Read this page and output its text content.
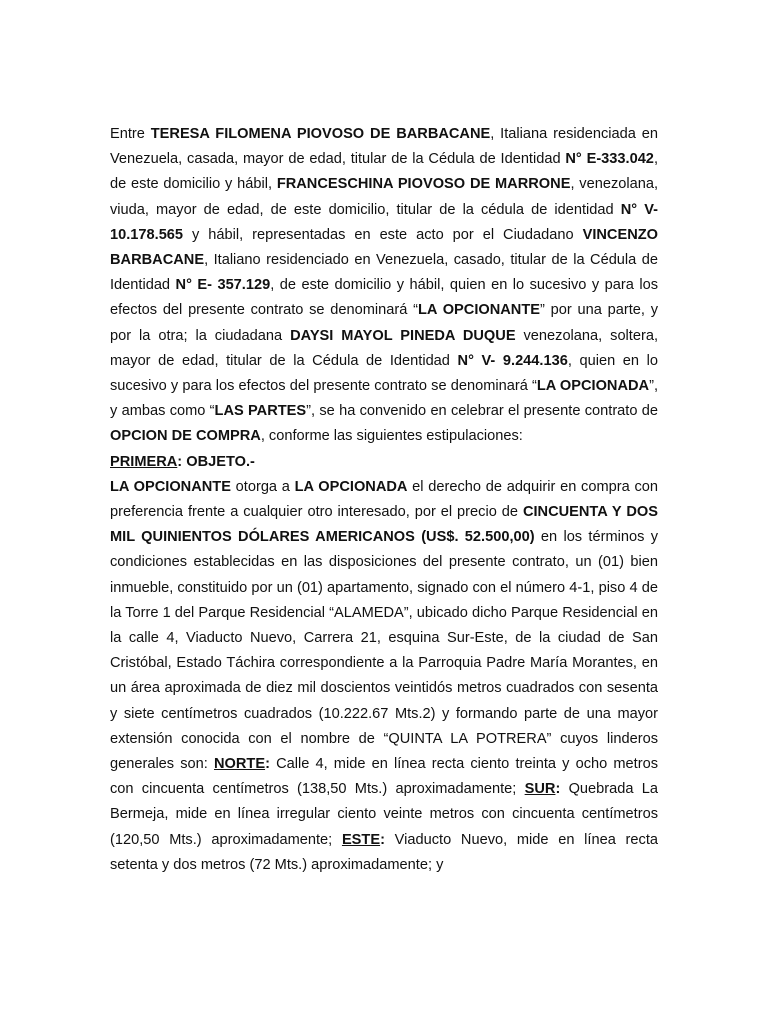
Entre TERESA FILOMENA PIOVOSO DE BARBACANE, Italiana residenciada en Venezuela, casada, mayor de edad, titular de la Cédula de Identidad N° E-333.042, de este domicilio y hábil, FRANCESCHINA PIOVOSO DE MARRONE, venezolana, viuda, mayor de edad, de este domicilio, titular de la cédula de identidad N° V-10.178.565 y hábil, representadas en este acto por el Ciudadano VINCENZO BARBACANE, Italiano residenciado en Venezuela, casado, titular de la Cédula de Identidad N° E- 357.129, de este domicilio y hábil, quien en lo sucesivo y para los efectos del presente contrato se denominará “LA OPCIONANTE” por una parte, y por la otra; la ciudadana DAYSI MAYOL PINEDA DUQUE venezolana, soltera, mayor de edad, titular de la Cédula de Identidad N° V- 9.244.136, quien en lo sucesivo y para los efectos del presente contrato se denominará “LA OPCIONADA”, y ambas como “LAS PARTES”, se ha convenido en celebrar el presente contrato de OPCION DE COMPRA, conforme las siguientes estipulaciones:

PRIMERA: OBJETO.-

LA OPCIONANTE otorga a LA OPCIONADA el derecho de adquirir en compra con preferencia frente a cualquier otro interesado, por el precio de CINCUENTA Y DOS MIL QUINIENTOS DÓLARES AMERICANOS (US$. 52.500,00) en los términos y condiciones establecidas en las disposiciones del presente contrato, un (01) bien inmueble, constituido por un (01) apartamento, signado con el número 4-1, piso 4 de la Torre 1 del Parque Residencial “ALAMEDA”, ubicado dicho Parque Residencial en la calle 4, Viaducto Nuevo, Carrera 21, esquina Sur-Este, de la ciudad de San Cristóbal, Estado Táchira correspondiente a la Parroquia Padre María Morantes, en un área aproximada de diez mil doscientos veintidós metros cuadrados con sesenta y siete centímetros cuadrados (10.222.67 Mts.2) y formando parte de una mayor extensión conocida con el nombre de “QUINTA LA POTRERA” cuyos linderos generales son: NORTE: Calle 4, mide en línea recta ciento treinta y ocho metros con cincuenta centímetros (138,50 Mts.) aproximadamente; SUR: Quebrada La Bermeja, mide en línea irregular ciento veinte metros con cincuenta centímetros (120,50 Mts.) aproximadamente; ESTE: Viaducto Nuevo, mide en línea recta setenta y dos metros (72 Mts.) aproximadamente; y
